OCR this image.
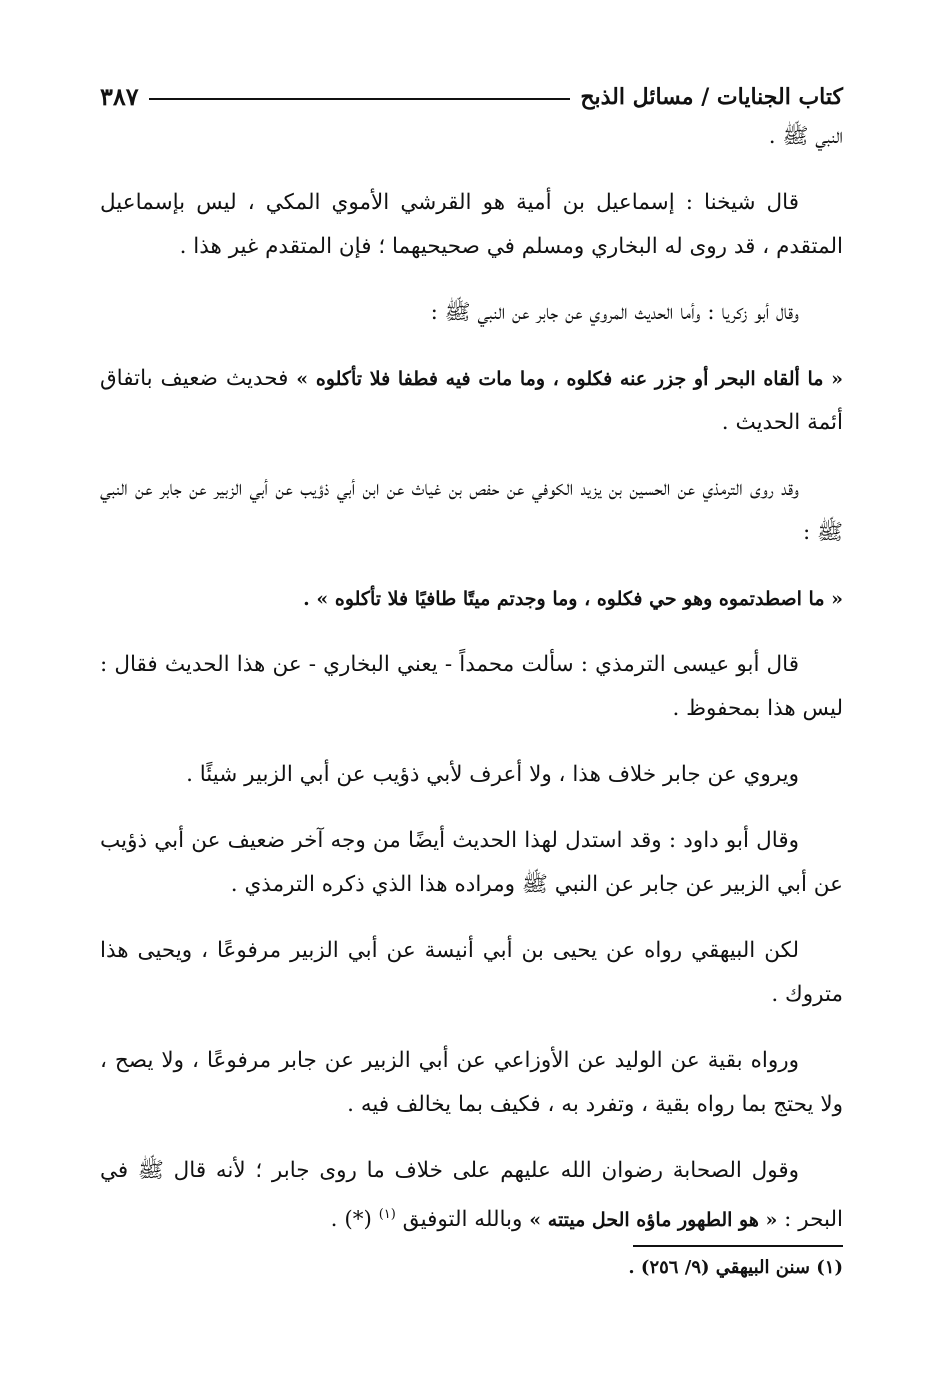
كتاب الجنايات / مسائل الذبح
٣٨٧

النبي ﷺ .

قال شيخنا : إسماعيل بن أمية هو القرشي الأموي المكي ، ليس بإسماعيل المتقدم ، قد روى له البخاري ومسلم في صحيحيهما ؛ فإن المتقدم غير هذا .

وقال أبو زكريا : وأما الحديث المروي عن جابر عن النبي ﷺ :

« ما ألقاه البحر أو جزر عنه فكلوه ، وما مات فيه فطفا فلا تأكلوه » فحديث ضعيف باتفاق أئمة الحديث .

وقد روى الترمذي عن الحسين بن يزيد الكوفي عن حفص بن غياث عن ابن أبي ذؤيب عن أبي الزبير عن جابر عن النبي ﷺ :

« ما اصطدتموه وهو حي فكلوه ، وما وجدتم ميتًا طافيًا فلا تأكلوه » .

قال أبو عيسى الترمذي : سألت محمداً - يعني البخاري - عن هذا الحديث فقال : ليس هذا بمحفوظ .

ويروي عن جابر خلاف هذا ، ولا أعرف لأبي ذؤيب عن أبي الزبير شيئًا .

وقال أبو داود : وقد استدل لهذا الحديث أيضًا من وجه آخر ضعيف عن أبي ذؤيب عن أبي الزبير عن جابر عن النبي ﷺ ومراده هذا الذي ذكره الترمذي .

لكن البيهقي رواه عن يحيى بن أبي أنيسة عن أبي الزبير مرفوعًا ، ويحيى هذا متروك .

ورواه بقية عن الوليد عن الأوزاعي عن أبي الزبير عن جابر مرفوعًا ، ولا يصح ، ولا يحتج بما رواه بقية ، وتفرد به ، فكيف بما يخالف فيه .

وقول الصحابة رضوان الله عليهم على خلاف ما روى جابر ؛ لأنه قال ﷺ في البحر : « هو الطهور ماؤه الحل ميتته » وبالله التوفيق $^{(١)}$ (*) .

(١) سنن البيهقي (٩/ ٢٥٦) .
